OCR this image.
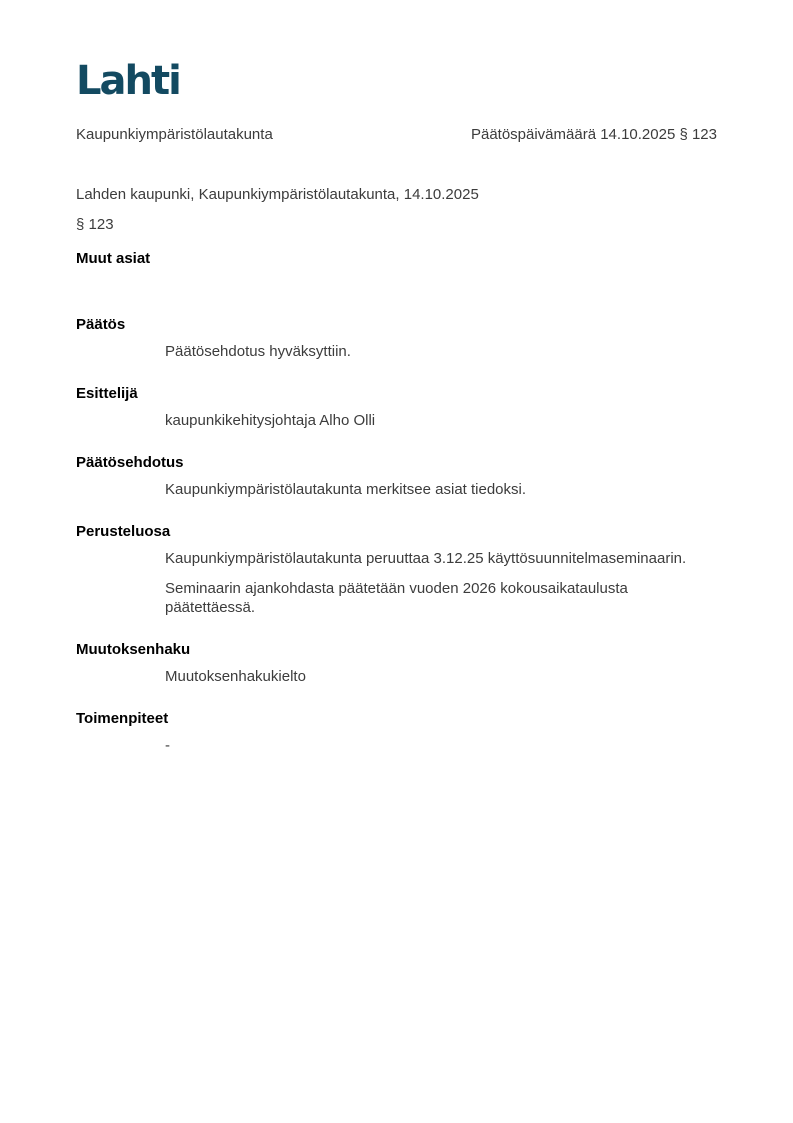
Lahti
Kaupunkiympäristölautakunta	Päätöspäivämäärä 14.10.2025 § 123
Lahden kaupunki, Kaupunkiympäristölautakunta, 14.10.2025
§ 123
Muut asiat
Päätös

Päätösehdotus hyväksyttiin.

Esittelijä

kaupunkikehitysjohtaja Alho Olli

Päätösehdotus

Kaupunkiympäristölautakunta merkitsee asiat tiedoksi.

Perusteluosa

Kaupunkiympäristölautakunta peruuttaa 3.12.25 käyttösuunnitelmaseminaarin.

Seminaarin ajankohdasta päätetään vuoden 2026 kokousaikataulusta päätettäessä.

Muutoksenhaku

Muutoksenhakukielto

Toimenpiteet

-
